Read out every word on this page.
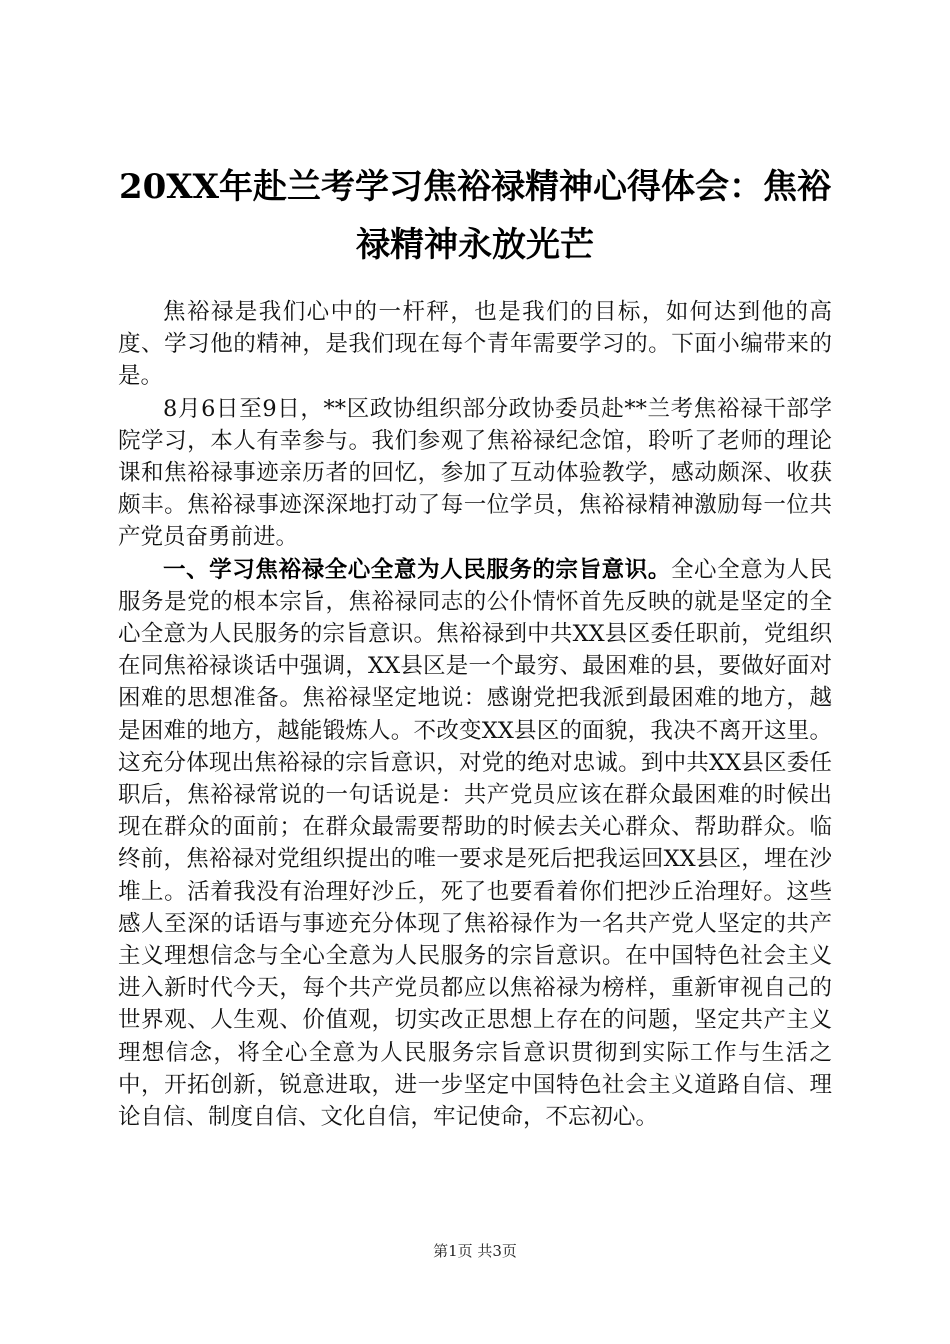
20XX年赴兰考学习焦裕禄精神心得体会：焦裕禄精神永放光芒

焦裕禄是我们心中的一杆秤，也是我们的目标，如何达到他的高度、学习他的精神，是我们现在每个青年需要学习的。下面小编带来的是。

8月6日至9日，**区政协组织部分政协委员赴**兰考焦裕禄干部学院学习，本人有幸参与。我们参观了焦裕禄纪念馆，聆听了老师的理论课和焦裕禄事迹亲历者的回忆，参加了互动体验教学，感动颇深、收获颇丰。焦裕禄事迹深深地打动了每一位学员，焦裕禄精神激励每一位共产党员奋勇前进。

一、学习焦裕禄全心全意为人民服务的宗旨意识。全心全意为人民服务是党的根本宗旨，焦裕禄同志的公仆情怀首先反映的就是坚定的全心全意为人民服务的宗旨意识。焦裕禄到中共XX县区委任职前，党组织在同焦裕禄谈话中强调，XX县区是一个最穷、最困难的县，要做好面对困难的思想准备。焦裕禄坚定地说：感谢党把我派到最困难的地方，越是困难的地方，越能锻炼人。不改变XX县区的面貌，我决不离开这里。这充分体现出焦裕禄的宗旨意识，对党的绝对忠诚。到中共XX县区委任职后，焦裕禄常说的一句话说是：共产党员应该在群众最困难的时候出现在群众的面前；在群众最需要帮助的时候去关心群众、帮助群众。临终前，焦裕禄对党组织提出的唯一要求是死后把我运回XX县区，埋在沙堆上。活着我没有治理好沙丘，死了也要看着你们把沙丘治理好。这些感人至深的话语与事迹充分体现了焦裕禄作为一名共产党人坚定的共产主义理想信念与全心全意为人民服务的宗旨意识。在中国特色社会主义进入新时代今天，每个共产党员都应以焦裕禄为榜样，重新审视自己的世界观、人生观、价值观，切实改正思想上存在的问题，坚定共产主义理想信念，将全心全意为人民服务宗旨意识贯彻到实际工作与生活之中，开拓创新，锐意进取，进一步坚定中国特色社会主义道路自信、理论自信、制度自信、文化自信，牢记使命，不忘初心。

第1页 共3页
